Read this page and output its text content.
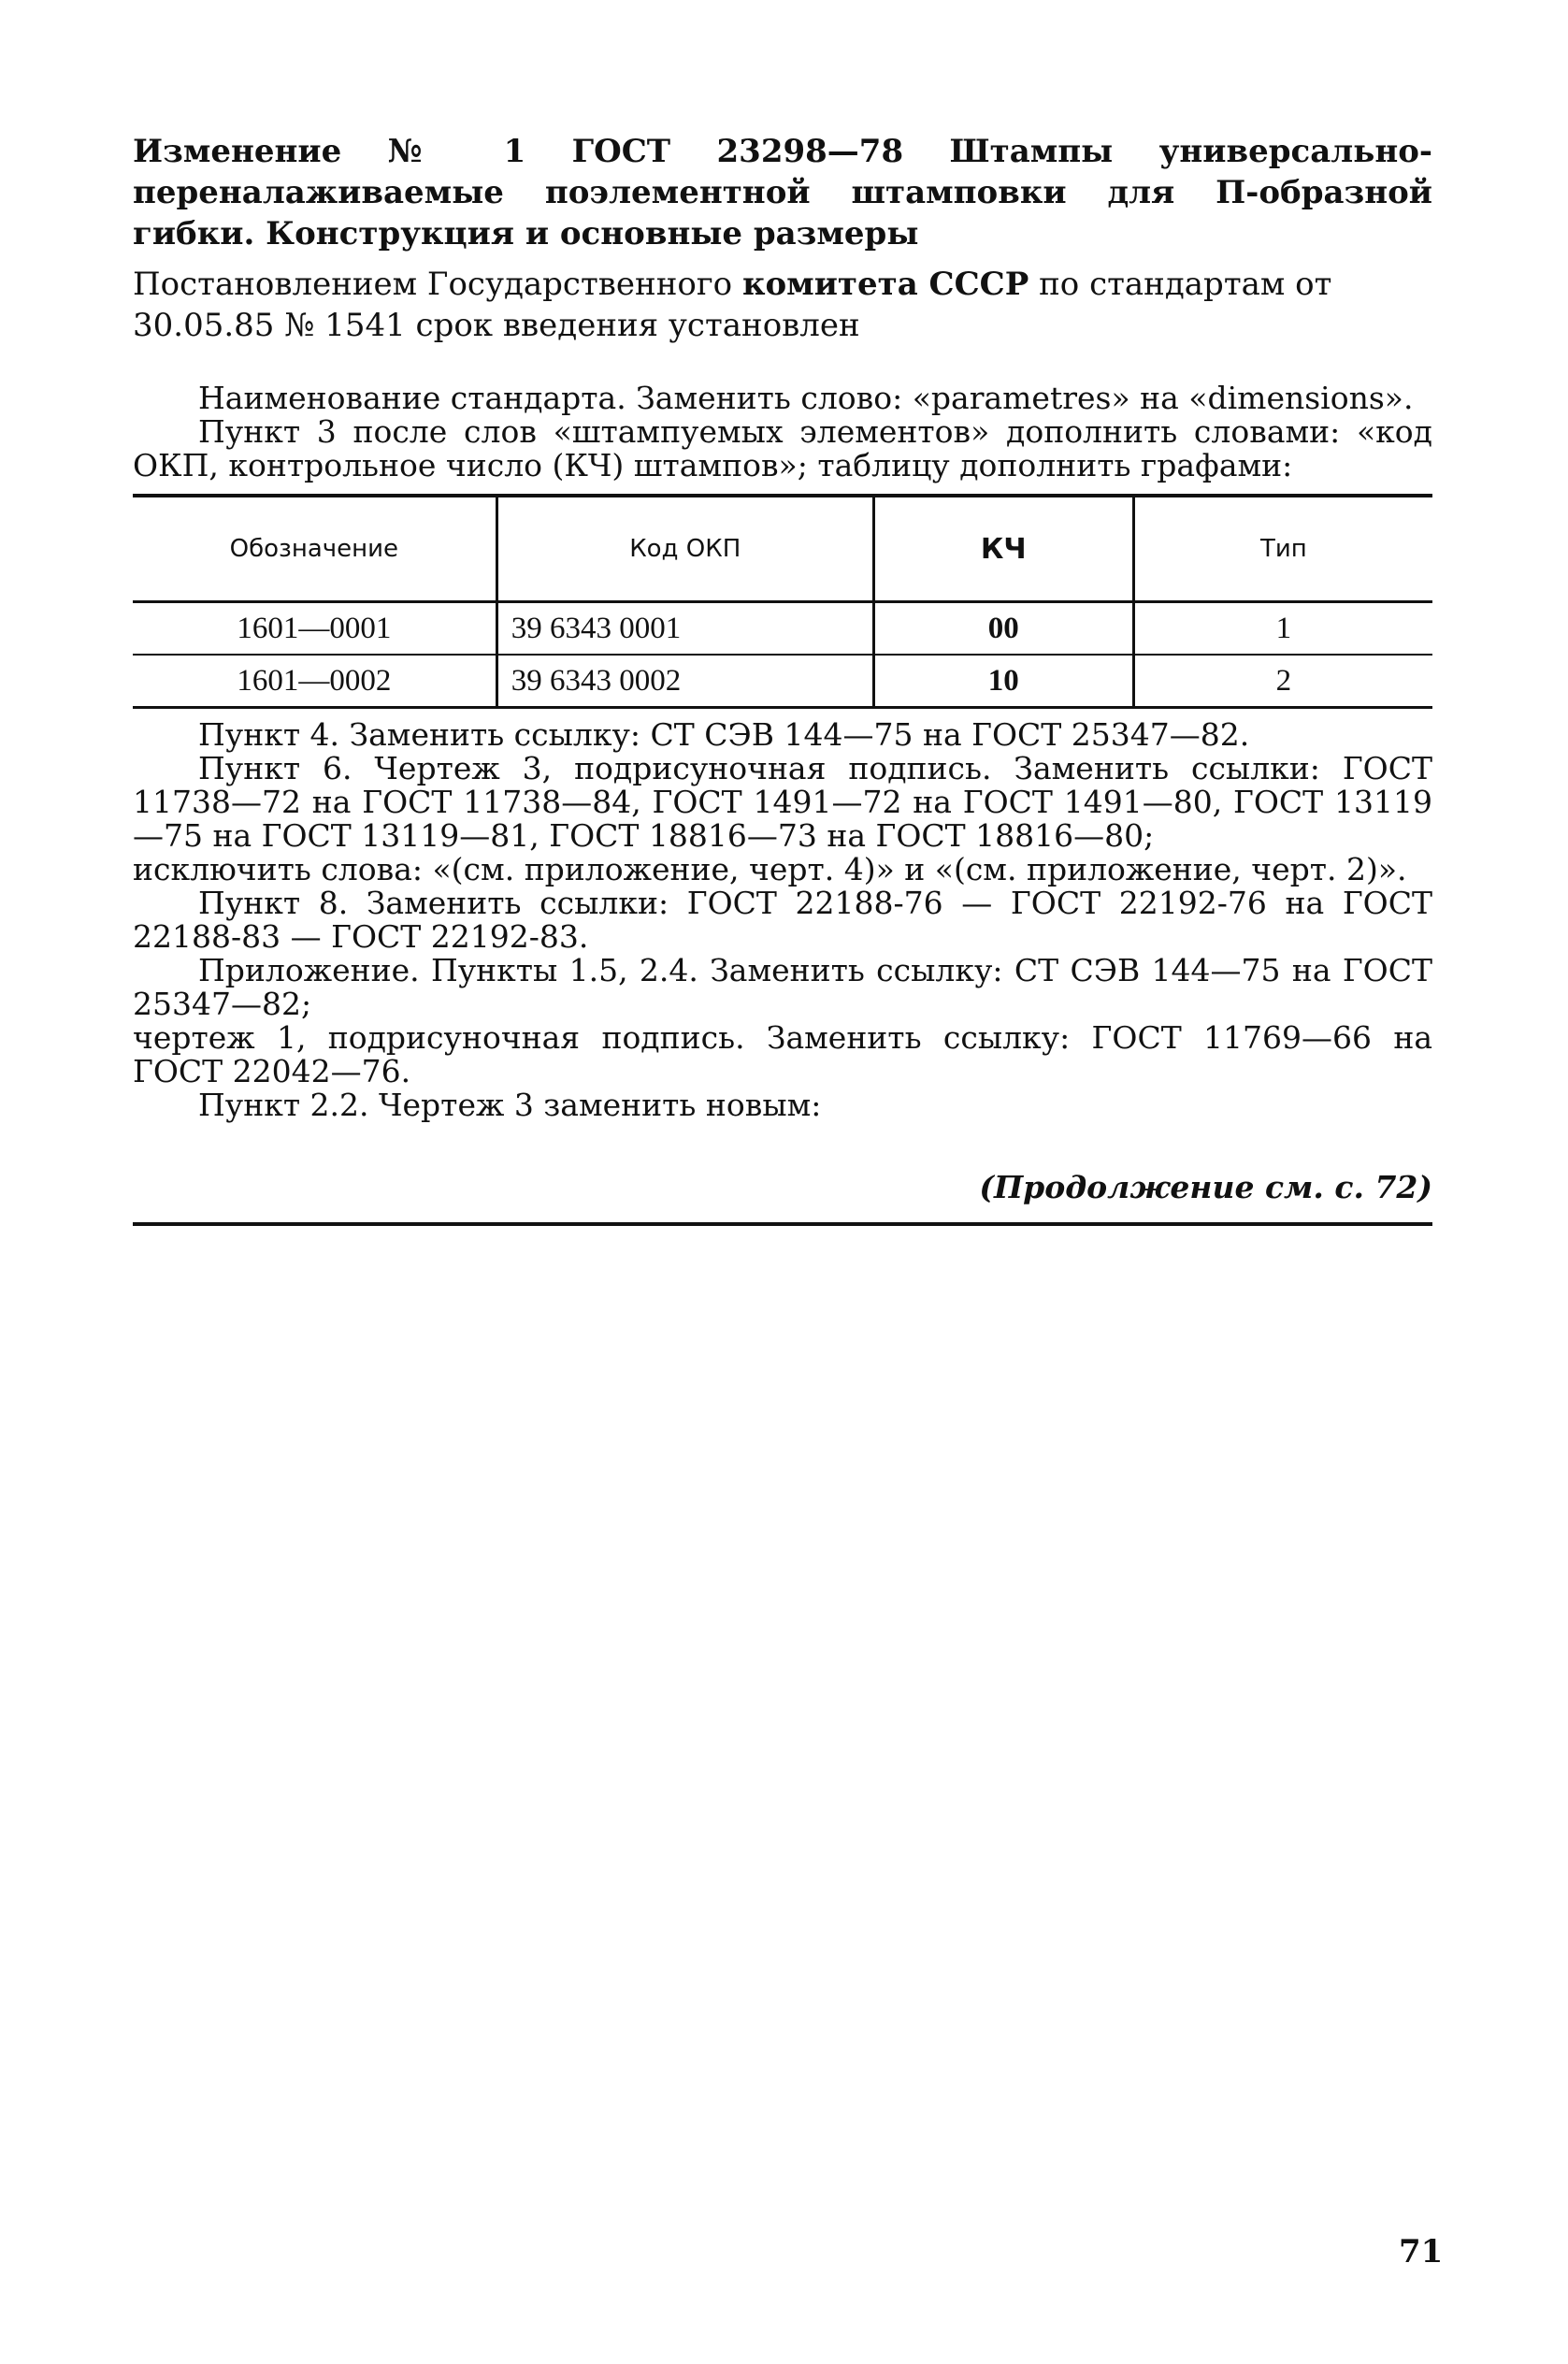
Изменение № 1 ГОСТ 23298—78 Штампы универсально-переналаживаемые поэлементной штамповки для П-образной гибки. Конструкция и основные размеры

Постановлением Государственного комитета СССР по стандартам от 30.05.85 № 1541 срок введения установлен

Наименование стандарта. Заменить слово: «parametres» на «dimensions».

Пункт 3 после слов «штампуемых элементов» дополнить словами: «код ОКП, контрольное число (КЧ) штампов»; таблицу дополнить графами:

Обозначение	Код ОКП	КЧ	Тип
1601—0001	39 6343 0001	00	1
1601—0002	39 6343 0002	10	2

Пункт 4. Заменить ссылку: СТ СЭВ 144—75 на ГОСТ 25347—82.

Пункт 6. Чертеж 3, подрисуночная подпись. Заменить ссылки: ГОСТ 11738—72 на ГОСТ 11738—84, ГОСТ 1491—72 на ГОСТ 1491—80, ГОСТ 13119—75 на ГОСТ 13119—81, ГОСТ 18816—73 на ГОСТ 18816—80;

исключить слова: «(см. приложение, черт. 4)» и «(см. приложение, черт. 2)».

Пункт 8. Заменить ссылки: ГОСТ 22188-76 — ГОСТ 22192-76 на ГОСТ 22188-83 — ГОСТ 22192-83.

Приложение. Пункты 1.5, 2.4. Заменить ссылку: СТ СЭВ 144—75 на ГОСТ 25347—82;

чертеж 1, подрисуночная подпись. Заменить ссылку: ГОСТ 11769—66 на ГОСТ 22042—76.

Пункт 2.2. Чертеж 3 заменить новым:

(Продолжение см. с. 72)
71
